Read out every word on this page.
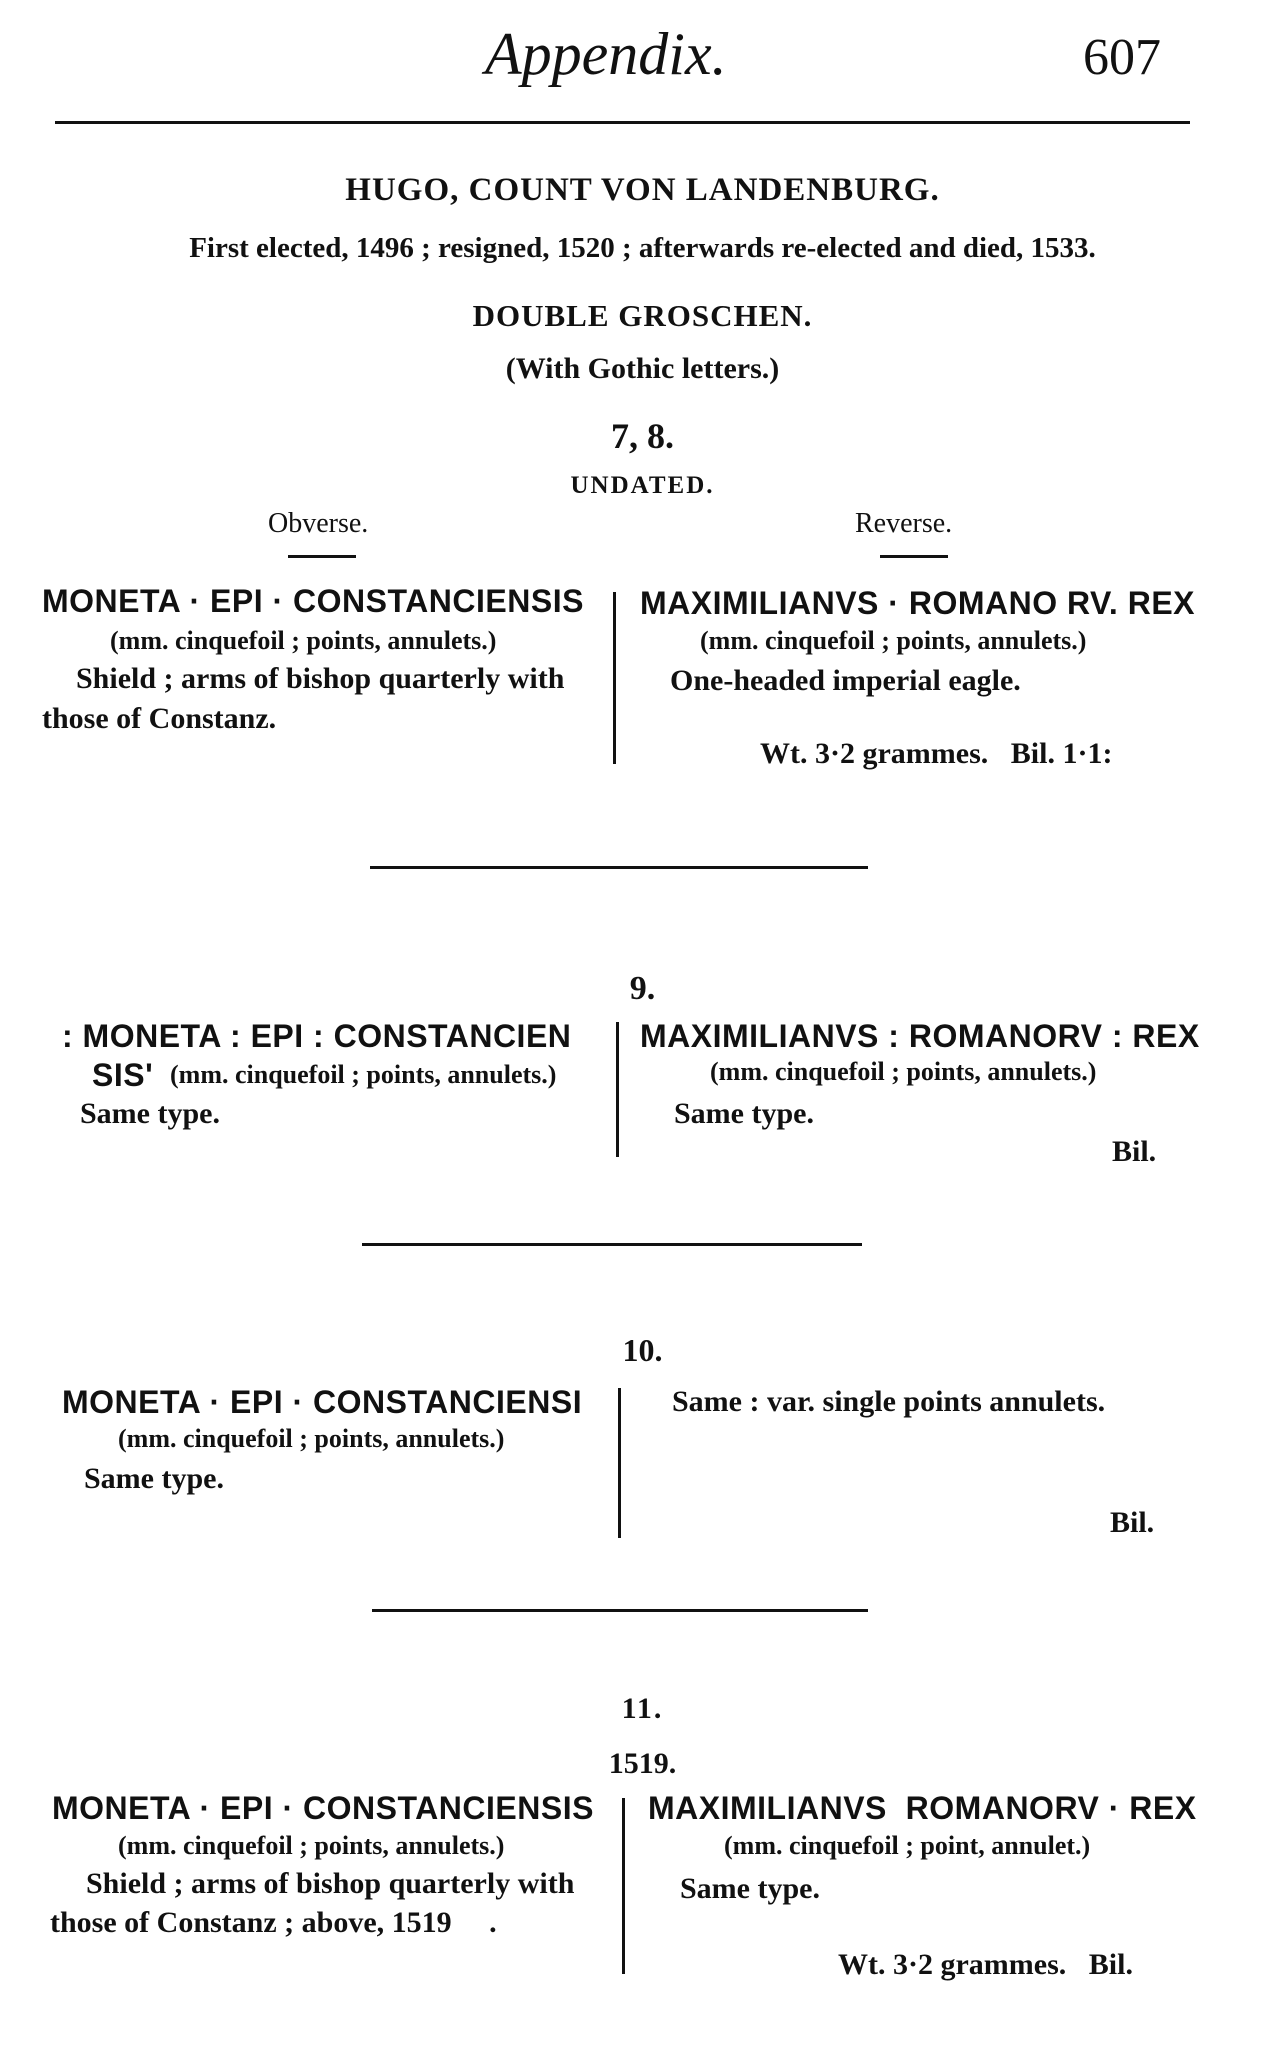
Appendix.	607
HUGO, COUNT VON LANDENBURG.
First elected, 1496 ; resigned, 1520 ; afterwards re-elected and died, 1533.
DOUBLE GROSCHEN.
(With Gothic letters.)
7, 8.
UNDATED.
Obverse.	Reverse.
MONETA · EPI · CONSTANCIENSIS
(mm. cinquefoil ; points, annulets.)
Shield ; arms of bishop quarterly with
those of Constanz.
MAXIMILIANVS · ROMANO RV. REX
(mm. cinquefoil ; points, annulets.)
One-headed imperial eagle.
Wt. 3·2 grammes.   Bil. 1·1:
9.
: MONETA : EPI : CONSTANCIEN
SIS' (mm. cinquefoil ; points, annulets.)
Same type.
MAXIMILIANVS : ROMANORV : REX
(mm. cinquefoil ; points, annulets.)
Same type.
Bil.
10.
MONETA · EPI · CONSTANCIENSI
(mm. cinquefoil ; points, annulets.)
Same type.
Same : var. single points annulets.
Bil.
11.
1519.
MONETA · EPI · CONSTANCIENSIS
(mm. cinquefoil ; points, annulets.)
Shield ; arms of bishop quarterly with
those of Constanz ; above, 1519     .
MAXIMILIANVS  ROMANORV · REX
(mm. cinquefoil ; point, annulet.)
Same type.
Wt. 3·2 grammes.   Bil.
